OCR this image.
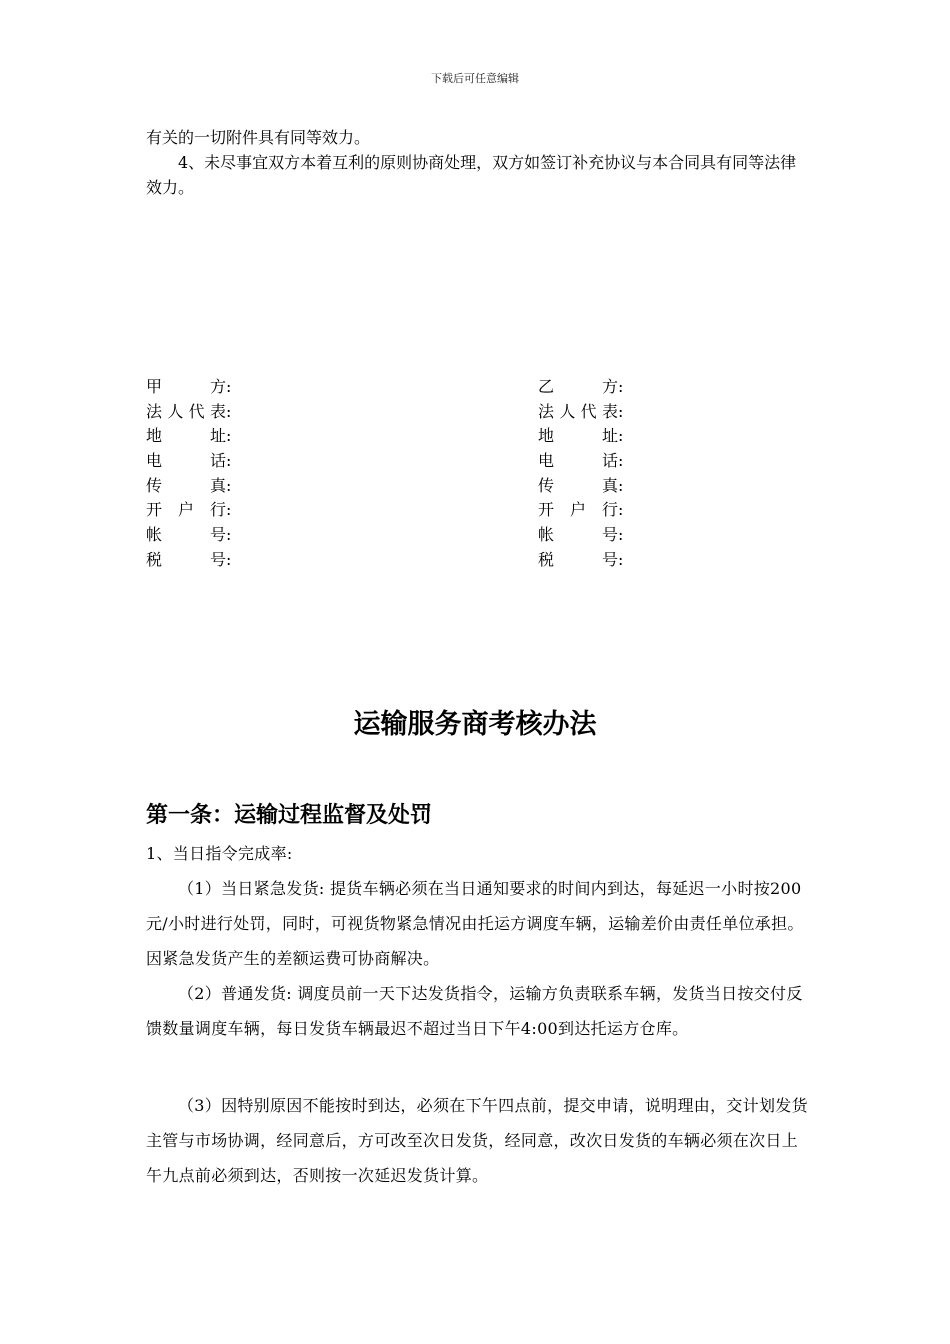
下载后可任意编辑

有关的一切附件具有同等效力。

4、未尽事宜双方本着互利的原则协商处理，双方如签订补充协议与本合同具有同等法律效力。

甲	方 :
法 人 代 表 :
地	址 :
电	话 :
传	真 :
开 户 行 :
帐	号 :
税	号 :
乙	方 :
法 人 代 表 :
地	址 :
电	话 :
传	真 :
开 户 行 :
帐	号 :
税	号 :
运输服务商考核办法
第一条：运输过程监督及处罚

1、当日指令完成率:

（1）当日紧急发货: 提货车辆必须在当日通知要求的时间内到达，每延迟一小时按200元/小时进行处罚，同时，可视货物紧急情况由托运方调度车辆，运输差价由责任单位承担。因紧急发货产生的差额运费可协商解决。

（2）普通发货: 调度员前一天下达发货指令，运输方负责联系车辆，发货当日按交付反馈数量调度车辆，每日发货车辆最迟不超过当日下午4:00到达托运方仓库。

（3）因特别原因不能按时到达，必须在下午四点前，提交申请，说明理由，交计划发货主管与市场协调，经同意后，方可改至次日发货，经同意，改次日发货的车辆必须在次日上午九点前必须到达，否则按一次延迟发货计算。
